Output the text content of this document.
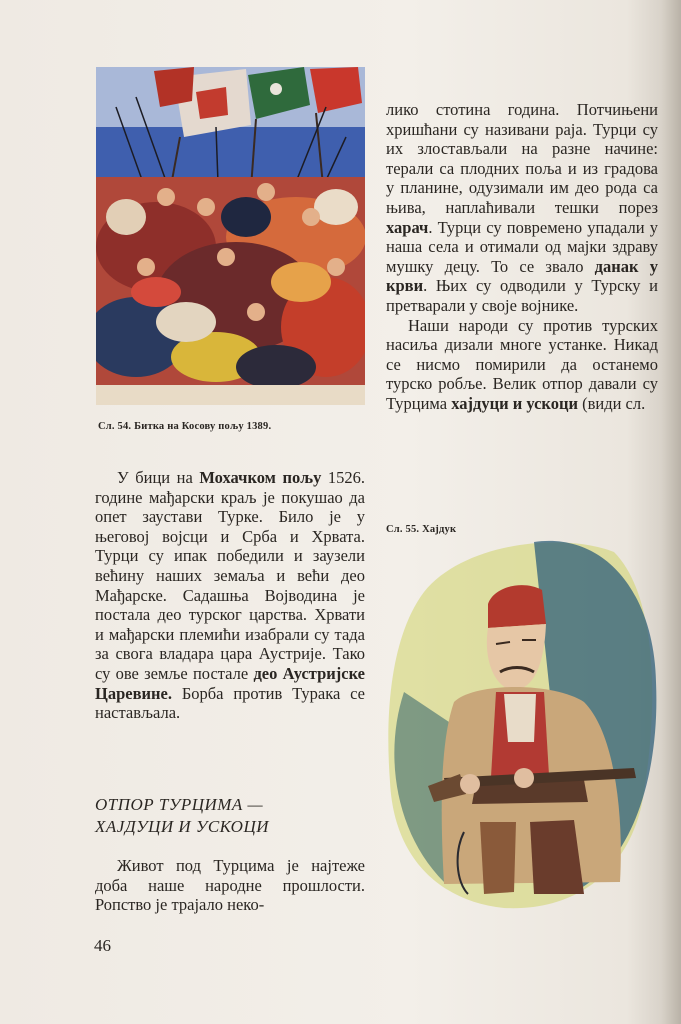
Сл. 54. Битка на Косову пољу 1389.

лико стотина година. Потчињени хришћани су називани раја. Турци су их злостављали на разне начине: терали са плодних поља и из градова у планине, одузимали им део рода са њива, наплаћивали тешки порез харач. Турци су повремено упадали у наша села и отимали од мајки здраву мушку децу. То се звало данак у крви. Њих су одводили у Турску и претварали у своје војнике.

Наши народи су против турских насиља дизали многе устанке. Никад се нисмо помирили да останемо турско робље. Велик отпор давали су Турцима хајдуци и ускоци (види сл.

У бици на Мохачком пољу 1526. године мађарски краљ је покушао да опет заустави Турке. Било је у његовој војсци и Срба и Хрвата. Турци су ипак победили и заузели већину наших земаља и већи део Мађарске. Садашња Војводина је постала део турског царства. Хрвати и мађарски племићи изабрали су тада за свога владара цара Аустрије. Тако су ове земље постале део Аустријске Царевине. Борба против Турака се настављала.

ОТПОР ТУРЦИМА —
ХАЈДУЦИ И УСКОЦИ

Живот под Турцима је најтеже доба наше народне прошлости. Ропство је трајало неко-

Сл. 55. Хајдук
46
